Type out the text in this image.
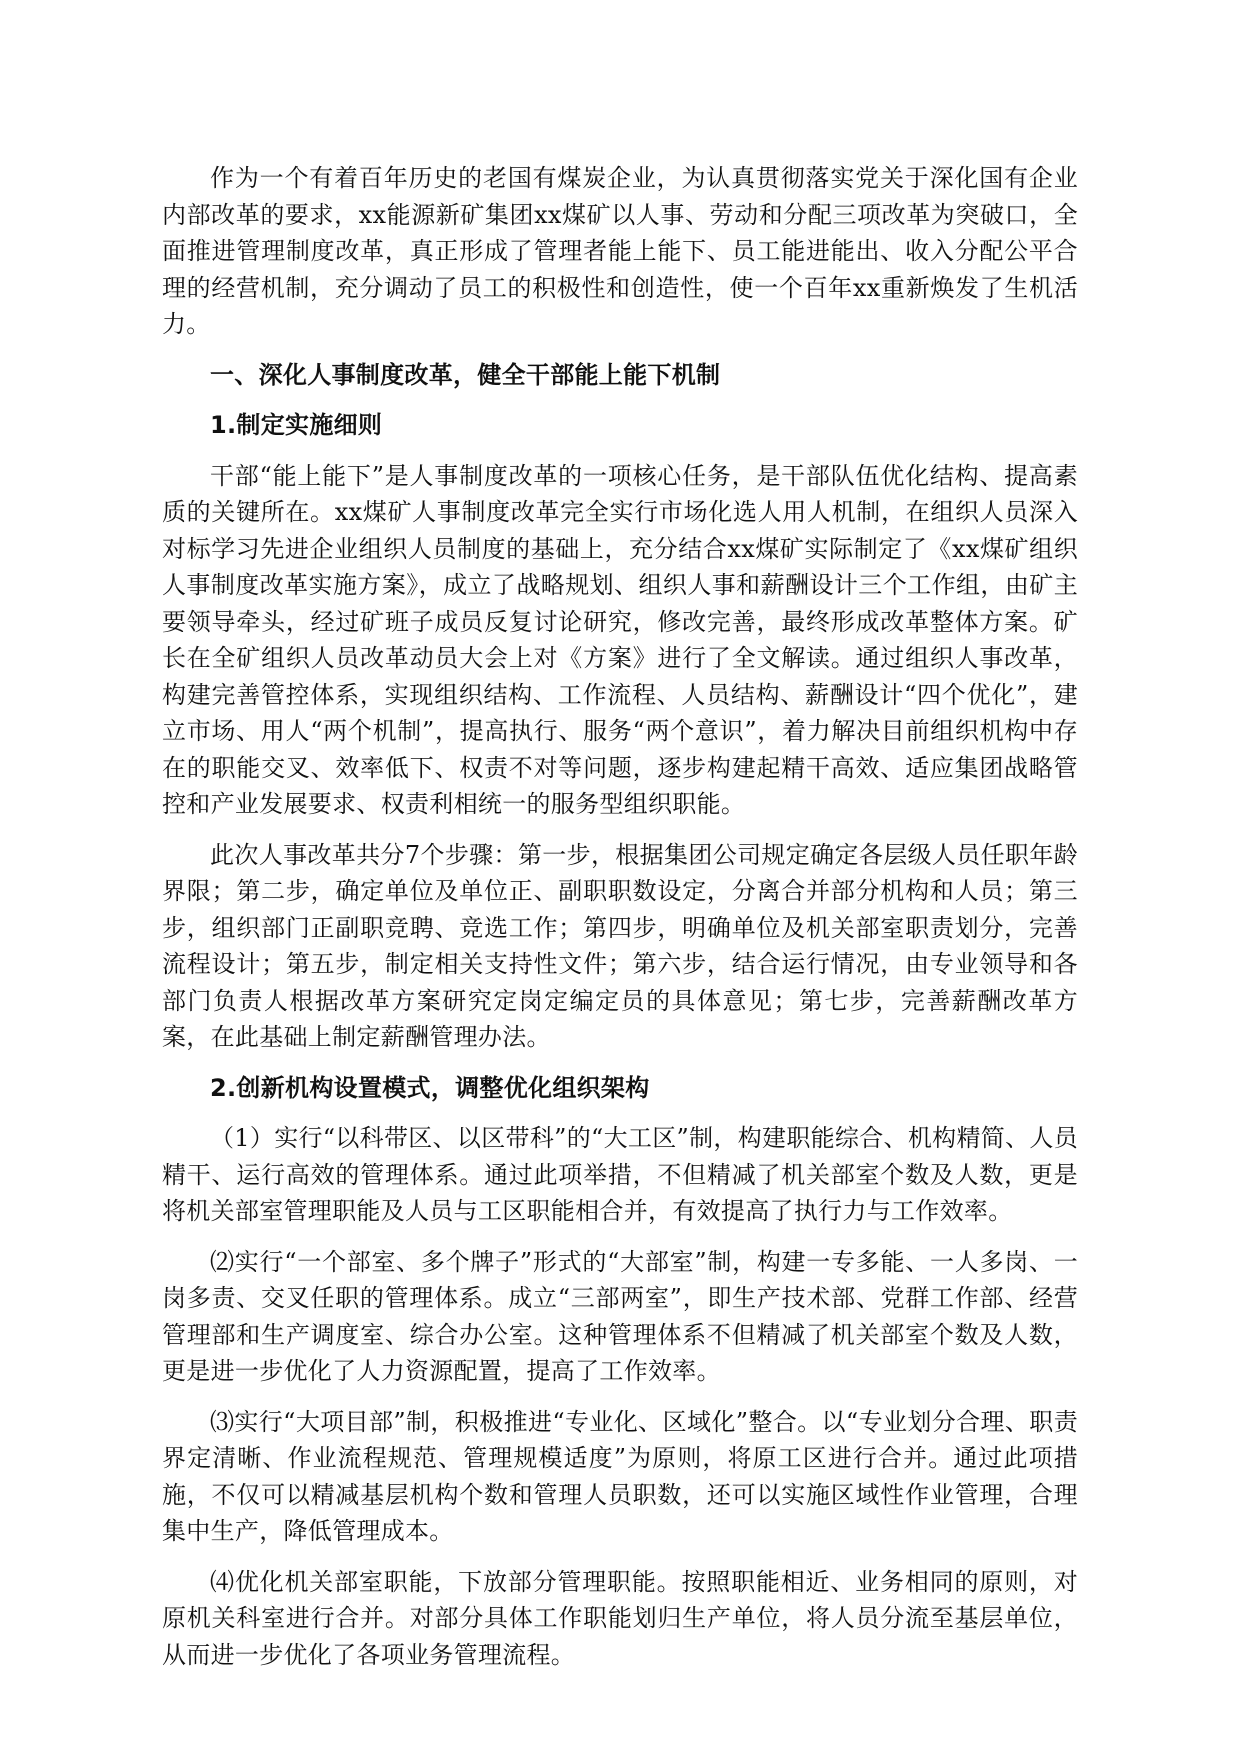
作为一个有着百年历史的老国有煤炭企业，为认真贯彻落实党关于深化国有企业内部改革的要求，xx能源新矿集团xx煤矿以人事、劳动和分配三项改革为突破口，全面推进管理制度改革，真正形成了管理者能上能下、员工能进能出、收入分配公平合理的经营机制，充分调动了员工的积极性和创造性，使一个百年xx重新焕发了生机活力。

一、深化人事制度改革，健全干部能上能下机制
1.制定实施细则

干部“能上能下”是人事制度改革的一项核心任务，是干部队伍优化结构、提高素质的关键所在。xx煤矿人事制度改革完全实行市场化选人用人机制，在组织人员深入对标学习先进企业组织人员制度的基础上，充分结合xx煤矿实际制定了《xx煤矿组织人事制度改革实施方案》，成立了战略规划、组织人事和薪酬设计三个工作组，由矿主要领导牵头，经过矿班子成员反复讨论研究，修改完善，最终形成改革整体方案。矿长在全矿组织人员改革动员大会上对《方案》进行了全文解读。通过组织人事改革，构建完善管控体系，实现组织结构、工作流程、人员结构、薪酬设计“四个优化”，建立市场、用人“两个机制”，提高执行、服务“两个意识”，着力解决目前组织机构中存在的职能交叉、效率低下、权责不对等问题，逐步构建起精干高效、适应集团战略管控和产业发展要求、权责利相统一的服务型组织职能。

此次人事改革共分7个步骤：第一步，根据集团公司规定确定各层级人员任职年龄界限；第二步，确定单位及单位正、副职职数设定，分离合并部分机构和人员；第三步，组织部门正副职竞聘、竞选工作；第四步，明确单位及机关部室职责划分，完善流程设计；第五步，制定相关支持性文件；第六步，结合运行情况，由专业领导和各部门负责人根据改革方案研究定岗定编定员的具体意见；第七步，完善薪酬改革方案，在此基础上制定薪酬管理办法。

2.创新机构设置模式，调整优化组织架构

（1）实行“以科带区、以区带科”的“大工区”制，构建职能综合、机构精简、人员精干、运行高效的管理体系。通过此项举措，不但精减了机关部室个数及人数，更是将机关部室管理职能及人员与工区职能相合并，有效提高了执行力与工作效率。

⑵实行“一个部室、多个牌子”形式的“大部室”制，构建一专多能、一人多岗、一岗多责、交叉任职的管理体系。成立“三部两室”，即生产技术部、党群工作部、经营管理部和生产调度室、综合办公室。这种管理体系不但精减了机关部室个数及人数，更是进一步优化了人力资源配置，提高了工作效率。

⑶实行“大项目部”制，积极推进“专业化、区域化”整合。以“专业划分合理、职责界定清晰、作业流程规范、管理规模适度”为原则，将原工区进行合并。通过此项措施，不仅可以精减基层机构个数和管理人员职数，还可以实施区域性作业管理，合理集中生产，降低管理成本。

⑷优化机关部室职能，下放部分管理职能。按照职能相近、业务相同的原则，对原机关科室进行合并。对部分具体工作职能划归生产单位，将人员分流至基层单位，从而进一步优化了各项业务管理流程。
